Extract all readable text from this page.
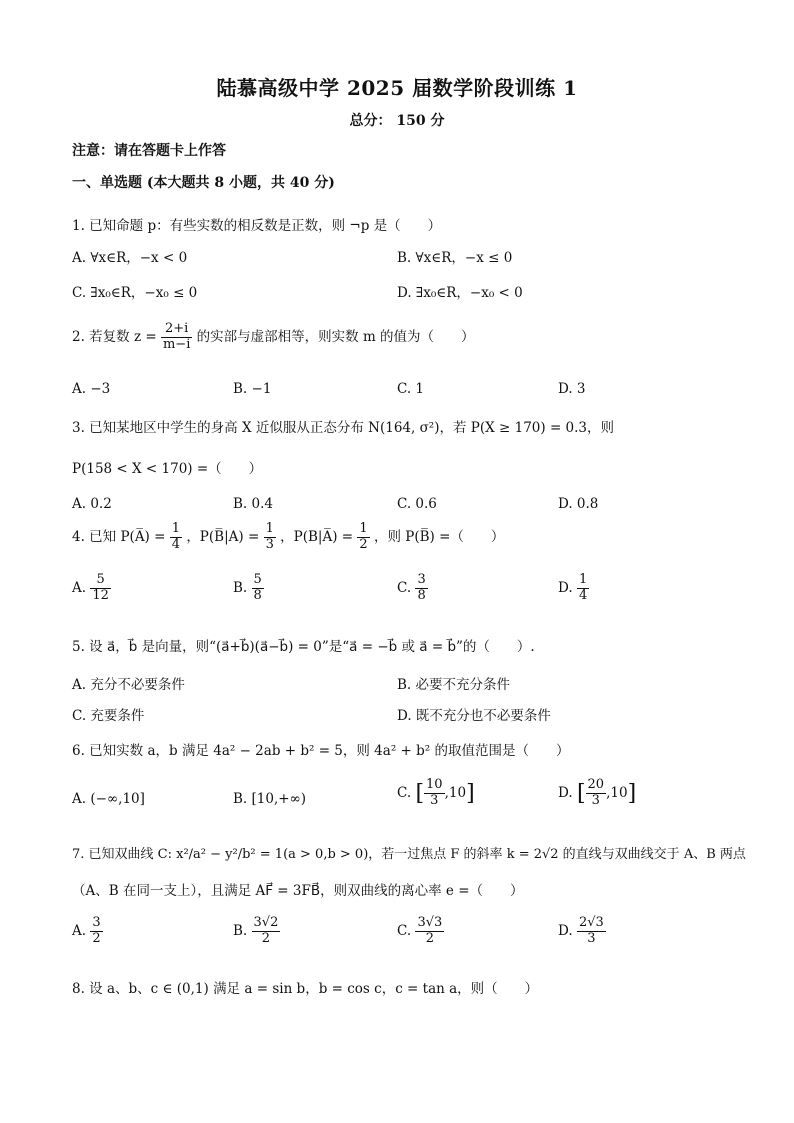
陆慕高级中学 2025 届数学阶段训练 1
总分： 150 分
注意：请在答题卡上作答
一、单选题 (本大题共 8 小题，共 40 分)
1. 已知命题 p：有些实数的相反数是正数，则 ¬p 是（　　）
A. ∀x∈R，−x < 0	B. ∀x∈R，−x ≤ 0
C. ∃x₀∈R，−x₀ ≤ 0	D. ∃x₀∈R，−x₀ < 0
2. 若复数 $z = \frac{2+i}{m-i}$ 的实部与虚部相等，则实数 m 的值为（　　）
A. −3	B. −1	C. 1	D. 3
3. 已知某地区中学生的身高 X 近似服从正态分布 N(164, σ²)，若 P(X ≥ 170) = 0.3，则
P(158 < X < 170) =（　　）
A. 0.2	B. 0.4	C. 0.6	D. 0.8
4. 已知 P(A̅) = $\frac{1}{4}$ ，P(B̅|A) = $\frac{1}{3}$ ，P(B|A̅) = $\frac{1}{2}$ ，则 P(B̅) =（　　）
A. $\frac{5}{12}$	B. $\frac{5}{8}$	C. $\frac{3}{8}$	D. $\frac{1}{4}$
5. 设 a⃗，b⃗ 是向量，则“(a⃗+b⃗)(a⃗−b⃗) = 0”是“a⃗ = −b⃗ 或 a⃗ = b⃗”的（　　）.
A. 充分不必要条件	B. 必要不充分条件
C. 充要条件	D. 既不充分也不必要条件
6. 已知实数 a，b 满足 4a² − 2ab + b² = 5，则 4a² + b² 的取值范围是（　　）
A. (−∞,10]	B. [10,+∞)	C. [ $\frac{10}{3} ,10$]	D. [ $\frac{20}{3} ,10$]
7. 已知双曲线 C: x²/a² − y²/b² = 1(a > 0,b > 0)，若一过焦点 F 的斜率 k = 2√2 的直线与双曲线交于 A、B 两点
（A、B 在同一支上），且满足 AF⃗ = 3FB⃗，则双曲线的离心率 e =（　　）
A. $\frac{3}{2}$	B. $\frac{3√2}{2}$	C. $\frac{3√3}{2}$	D. $\frac{2√3}{3}$
8. 设 a、b、c ∈ (0,1) 满足 a = sin b，b = cos c，c = tan a，则（　　）
